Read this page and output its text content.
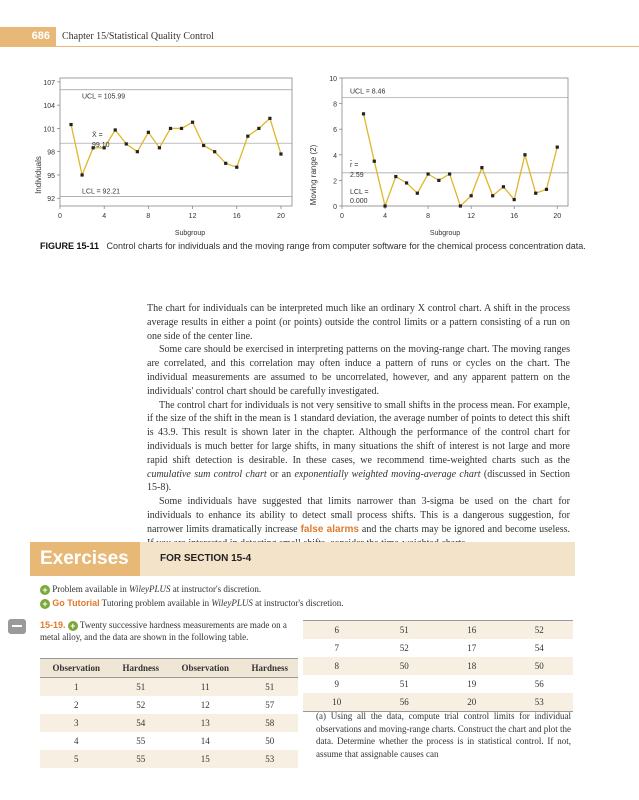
686	Chapter 15/Statistical Quality Control
Individuals
92
95
98
101
104
107
0	4	8	12	16	20
UCL = 105.99
X̄ =
99.10
LCL = 92.21
Subgroup
Moving range (2)
0
2
4
6
8
10
0	4	8	12	16	20
UCL = 8.46
r̄ =
2.59
LCL =
0.000
Subgroup
FIGURE 15-11 Control charts for individuals and the moving range from computer software for the chemical process concentration data.

The chart for individuals can be interpreted much like an ordinary X control chart. A shift in the process average results in either a point (or points) outside the control limits or a pattern consisting of a run on one side of the center line.

Some care should be exercised in interpreting patterns on the moving-range chart. The moving ranges are correlated, and this correlation may often induce a pattern of runs or cycles on the chart. The individual measurements are assumed to be uncorrelated, however, and any apparent pattern on the individuals' control chart should be carefully investigated.

The control chart for individuals is not very sensitive to small shifts in the process mean. For example, if the size of the shift in the mean is 1 standard deviation, the average number of points to detect this shift is 43.9. This result is shown later in the chapter. Although the performance of the control chart for individuals is much better for large shifts, in many situations the shift of interest is not large and more rapid shift detection is desirable. In these cases, we recommend time-weighted charts such as the cumulative sum control chart or an exponentially weighted moving-average chart (discussed in Section 15-8).

Some individuals have suggested that limits narrower than 3-sigma be used on the chart for individuals to enhance its ability to detect small process shifts. This is a dangerous suggestion, for narrower limits dramatically increase false alarms and the charts may be ignored and become useless.

Exercises	FOR SECTION 15-4
+ Problem available in WileyPLUS at instructor's discretion.
+ Go Tutorial Tutoring problem available in WileyPLUS at instructor's discretion.
15-19. + Twenty successive hardness measurements are made on a metal alloy, and the data are shown in the following table.
Observation	Hardness	Observation	Hardness
1	51	11	51
2	52	12	57
3	54	13	58
4	55	14	50
5	55	15	53
6	51	16	52
7	52	17	54
8	50	18	50
9	51	19	56
10	56	20	53
(a) Using all the data, compute trial control limits for individual observations and moving-range charts. Construct the chart and plot the data. Determine whether the process is in statistical control. If not, assume that assignable causes can
